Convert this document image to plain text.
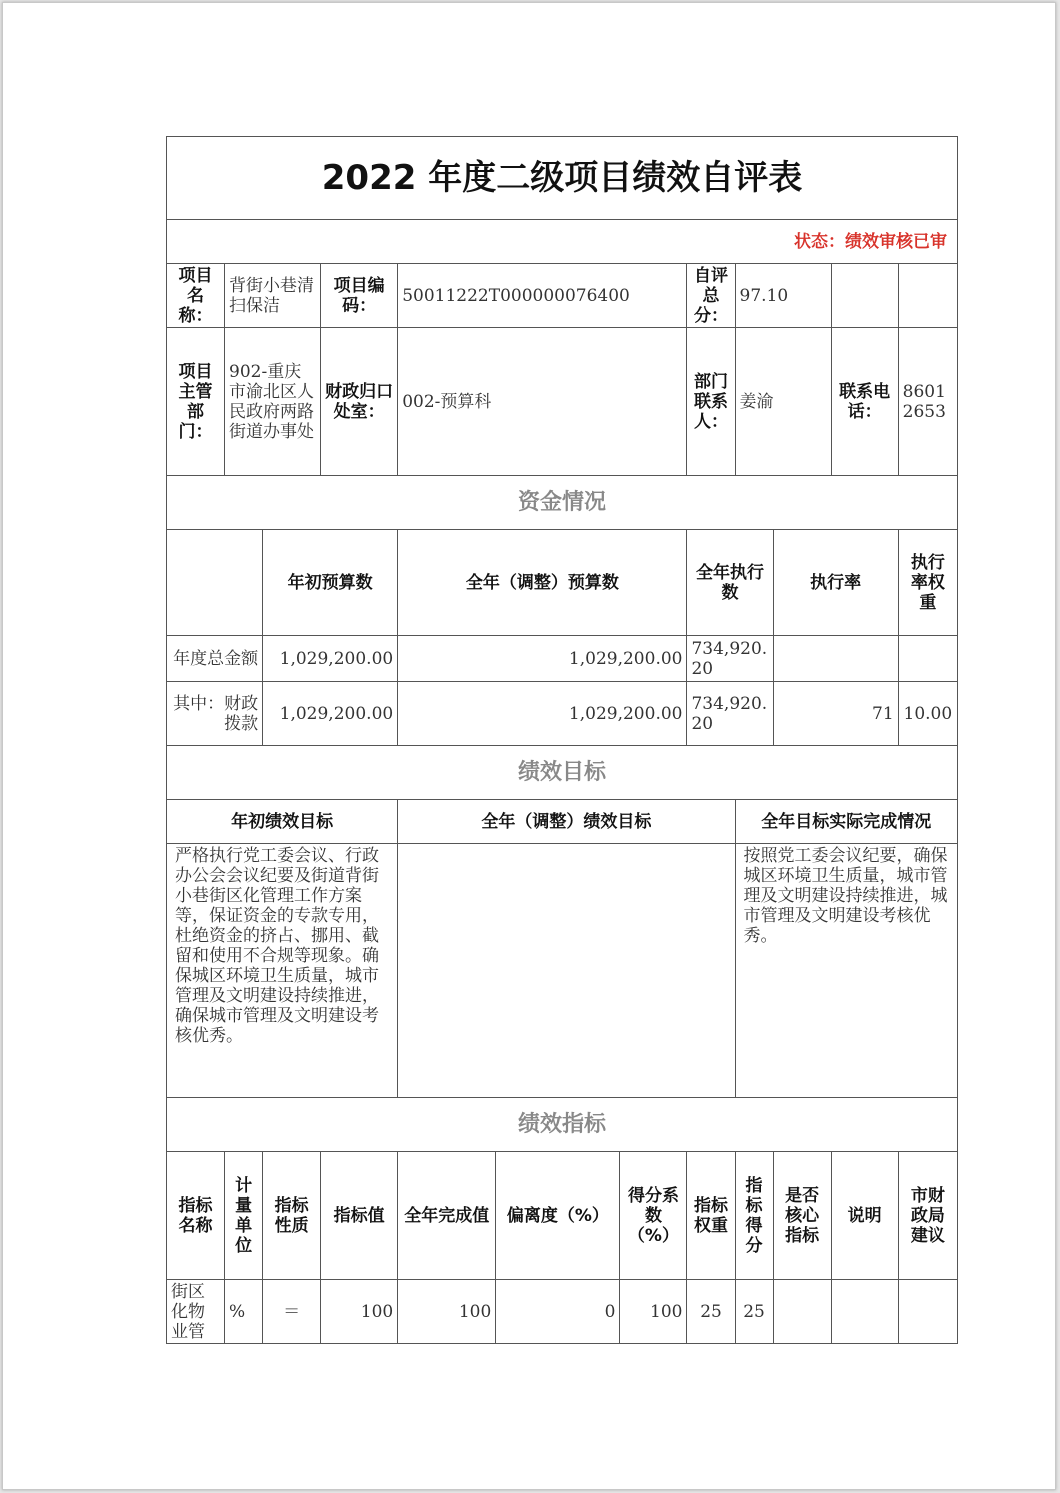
2022 年度二级项目绩效自评表											
状态：绩效审核已审											
项目名称：	背街小巷清扫保洁		项目编码：	50011222T000000076400			自评总分：	97.10			
项目主管部门：	902-重庆市渝北区人民政府两路街道办事处		财政归口处室：	002-预算科			部门联系人：	姜渝		联系电话：	86012653
资金情况											
		年初预算数		全年（调整）预算数			全年执行数		执行率		执行率权重
年度总金额		1,029,200.00		1,029,200.00			734,920.20				
其中：财政拨款		1,029,200.00		1,029,200.00			734,920.20		71		10.00
绩效目标											
年初绩效目标				全年（调整）绩效目标				全年目标实际完成情况			
严格执行党工委会议、行政办公会会议纪要及街道背街小巷街区化管理工作方案等，保证资金的专款专用，杜绝资金的挤占、挪用、截留和使用不合规等现象。确保城区环境卫生质量，城市管理及文明建设持续推进，确保城市管理及文明建设考核优秀。								按照党工委会议纪要，确保城区环境卫生质量，城市管理及文明建设持续推进，城市管理及文明建设考核优秀。			
绩效指标											
指标名称	计量单位	指标性质	指标值	全年完成值	偏离度（%）	得分系数（%）	指标权重	指标得分	是否核心指标	说明	市财政局建议
街区化物业管	%	＝	100	100	0	100	25	25			
